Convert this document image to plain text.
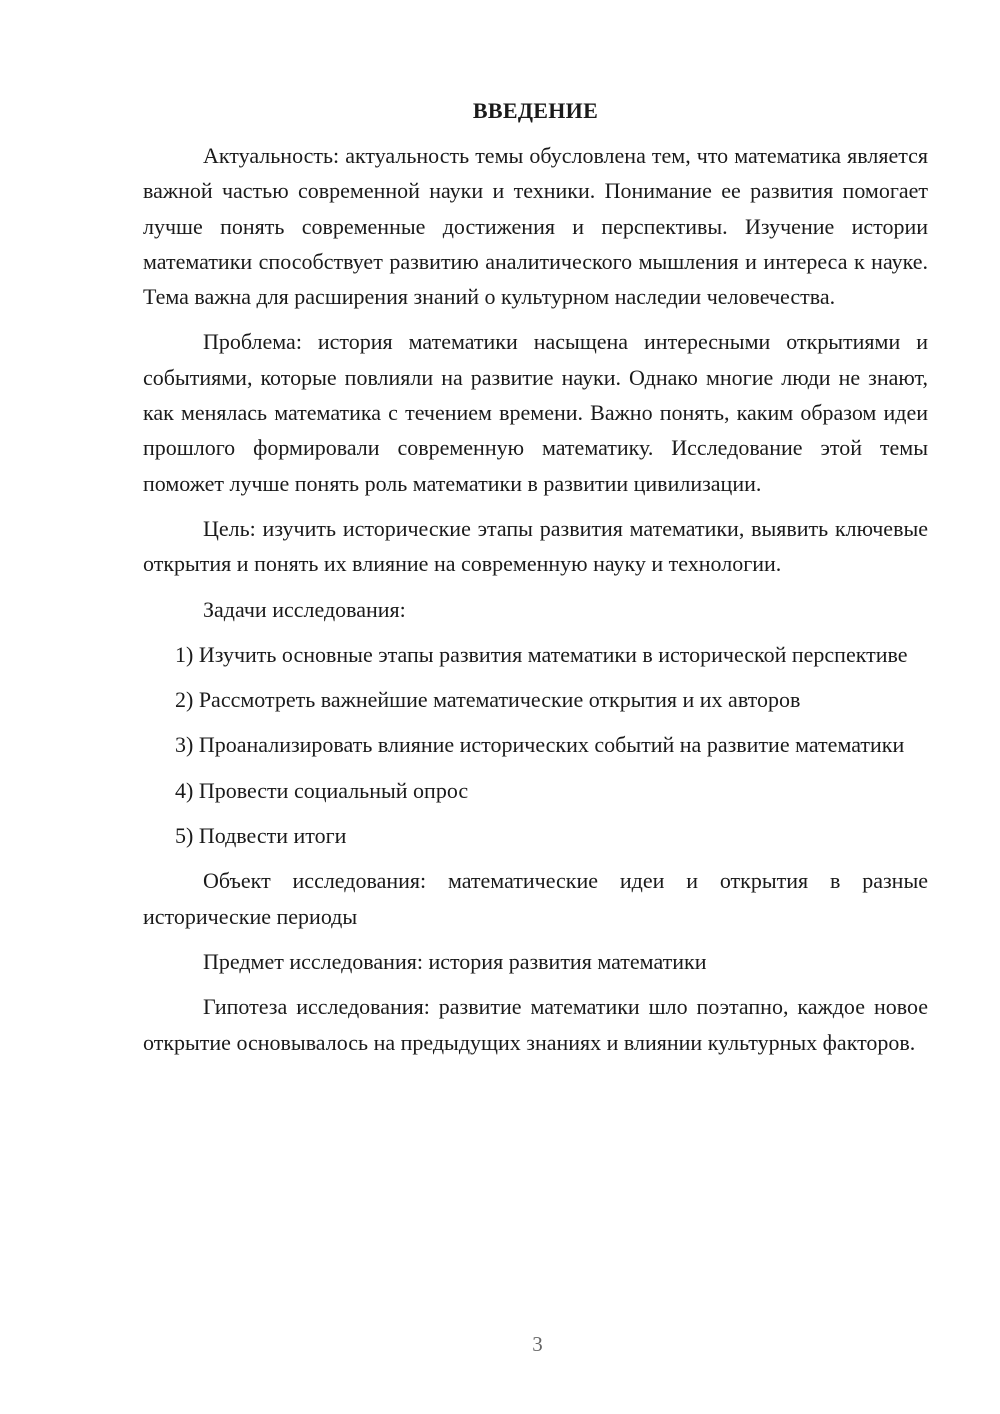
ВВЕДЕНИЕ

Актуальность: актуальность темы обусловлена тем, что математика является важной частью современной науки и техники. Понимание ее развития помогает лучше понять современные достижения и перспективы. Изучение истории математики способствует развитию аналитического мышления и интереса к науке. Тема важна для расширения знаний о культурном наследии человечества.

Проблема: история математики насыщена интересными открытиями и событиями, которые повлияли на развитие науки. Однако многие люди не знают, как менялась математика с течением времени. Важно понять, каким образом идеи прошлого формировали современную математику. Исследование этой темы поможет лучше понять роль математики в развитии цивилизации.

Цель: изучить исторические этапы развития математики, выявить ключевые открытия и понять их влияние на современную науку и технологии.

Задачи исследования:

1) Изучить основные этапы развития математики в исторической перспективе

2) Рассмотреть важнейшие математические открытия и их авторов

3) Проанализировать влияние исторических событий на развитие математики

4) Провести социальный опрос

5) Подвести итоги

Объект исследования: математические идеи и открытия в разные исторические периоды

Предмет исследования: история развития математики

Гипотеза исследования: развитие математики шло поэтапно, каждое новое открытие основывалось на предыдущих знаниях и влиянии культурных факторов.

3
